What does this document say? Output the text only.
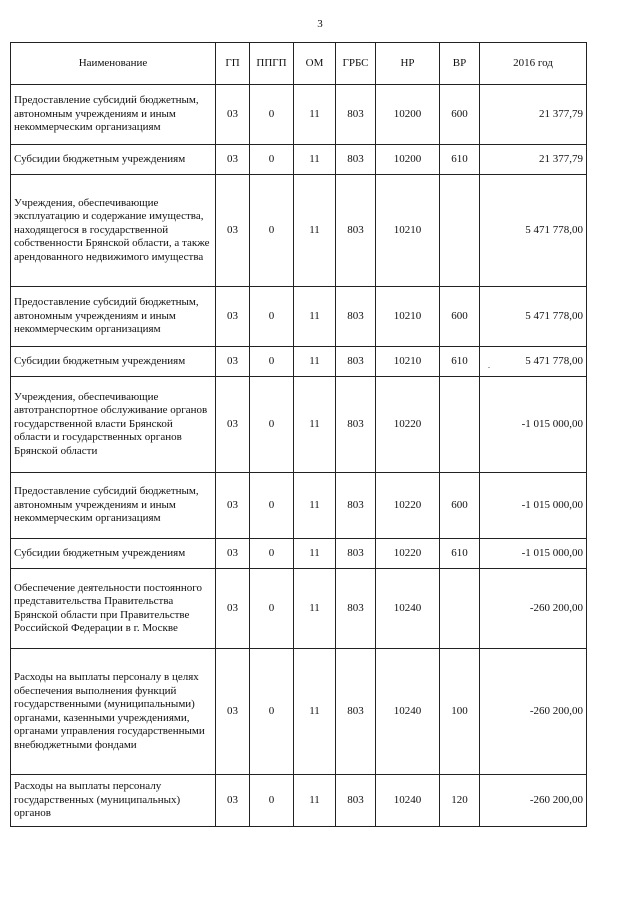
3
Наименование	ГП	ППГП	ОМ	ГРБС	НР	ВР	2016 год
Предоставление субсидий бюджетным, автономным учреждениям и иным некоммерческим организациям	03	0	11	803	10200	600	21 377,79
Субсидии бюджетным учреждениям	03	0	11	803	10200	610	21 377,79
Учреждения, обеспечивающие эксплуатацию и содержание имущества, находящегося в государственной собственности Брянской области, а также арендованного недвижимого имущества	03	0	11	803	10210		5 471 778,00
Предоставление субсидий бюджетным, автономным учреждениям и иным некоммерческим организациям	03	0	11	803	10210	600	5 471 778,00
Субсидии бюджетным учреждениям	03	0	11	803	10210	610	5 471 778,00
Учреждения, обеспечивающие автотранспортное обслуживание органов государственной власти Брянской области и государственных органов Брянской области	03	0	11	803	10220		-1 015 000,00
Предоставление субсидий бюджетным, автономным учреждениям и иным некоммерческим организациям	03	0	11	803	10220	600	-1 015 000,00
Субсидии бюджетным учреждениям	03	0	11	803	10220	610	-1 015 000,00
Обеспечение деятельности постоянного представительства Правительства Брянской области при Правительстве Российской Федерации в г. Москве	03	0	11	803	10240		-260 200,00
Расходы на выплаты персоналу в целях обеспечения выполнения функций государственными (муниципальными) органами, казенными учреждениями, органами управления государственными внебюджетными фондами	03	0	11	803	10240	100	-260 200,00
Расходы на выплаты персоналу государственных (муниципальных) органов	03	0	11	803	10240	120	-260 200,00
.
